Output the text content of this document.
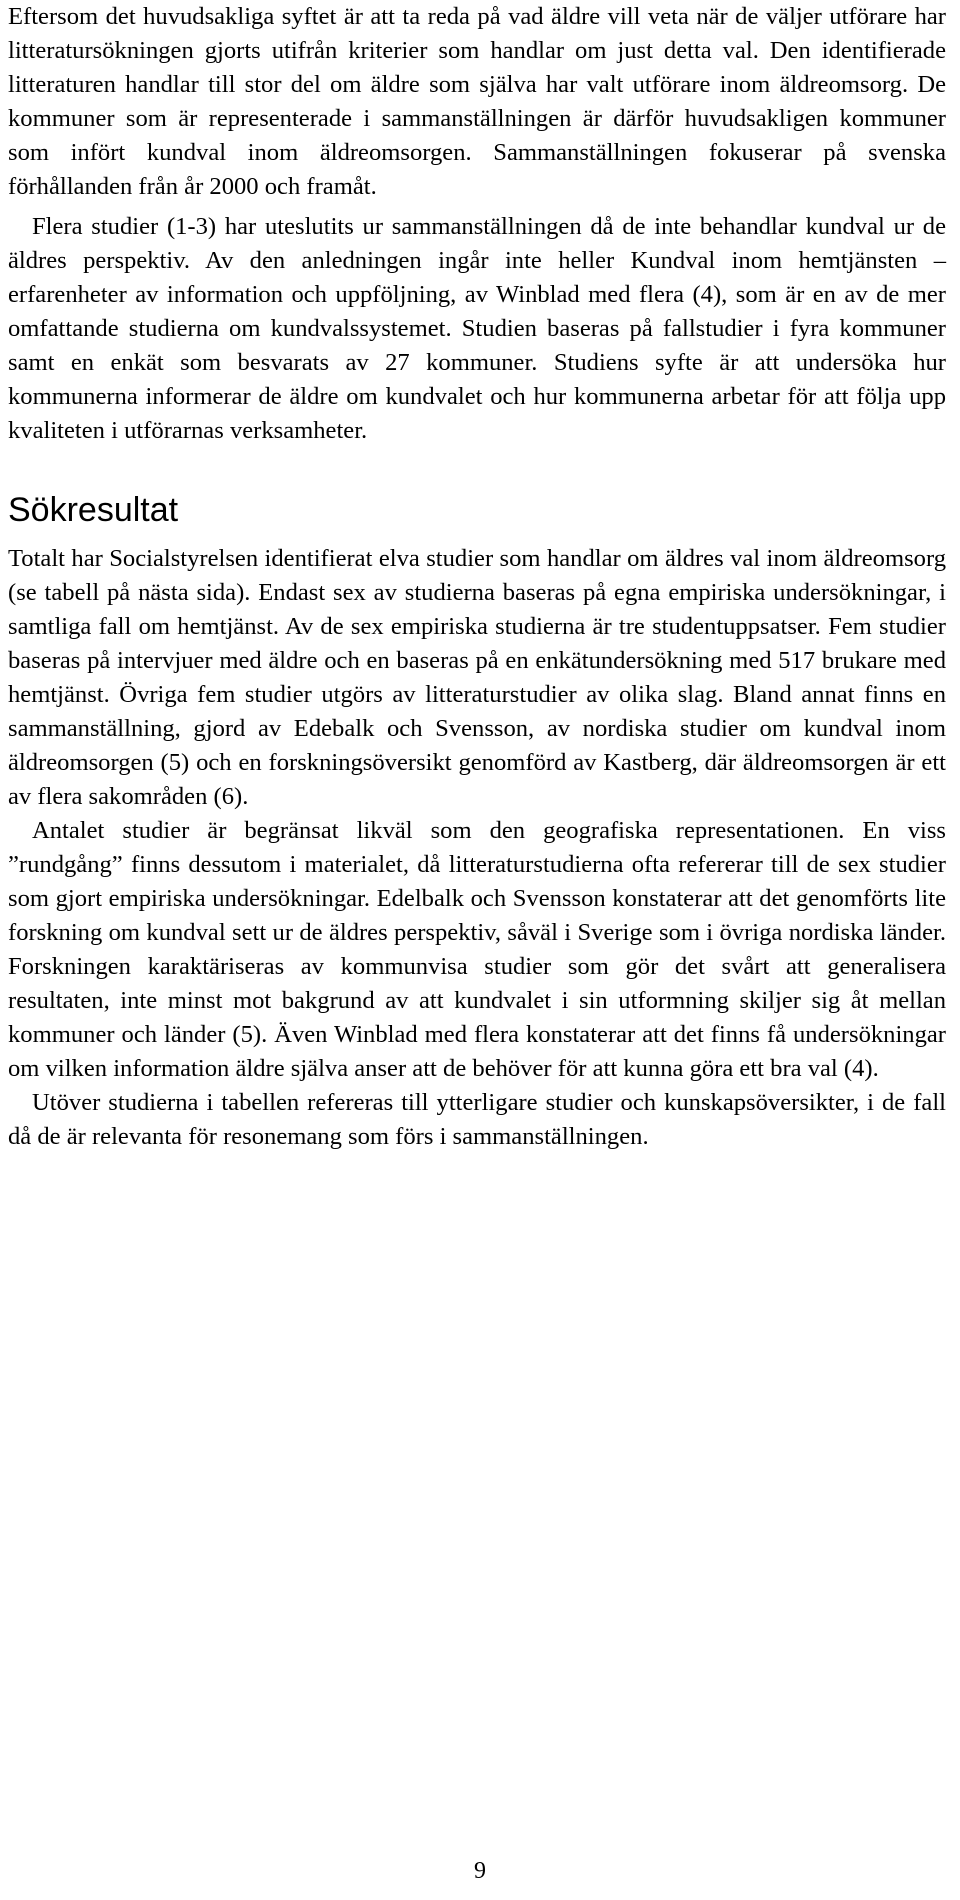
Eftersom det huvudsakliga syftet är att ta reda på vad äldre vill veta när de väljer utförare har litteratursökningen gjorts utifrån kriterier som handlar om just detta val. Den identifierade litteraturen handlar till stor del om äldre som själva har valt utförare inom äldreomsorg. De kommuner som är representerade i sammanställningen är därför huvudsakligen kommuner som infört kundval inom äldreomsorgen. Sammanställningen fokuserar på svenska förhållanden från år 2000 och framåt.

Flera studier (1-3) har uteslutits ur sammanställningen då de inte behandlar kundval ur de äldres perspektiv. Av den anledningen ingår inte heller Kundval inom hemtjänsten – erfarenheter av information och uppföljning, av Winblad med flera (4), som är en av de mer omfattande studierna om kundvalssystemet. Studien baseras på fallstudier i fyra kommuner samt en enkät som besvarats av 27 kommuner. Studiens syfte är att undersöka hur kommunerna informerar de äldre om kundvalet och hur kommunerna arbetar för att följa upp kvaliteten i utförarnas verksamheter.

Sökresultat

Totalt har Socialstyrelsen identifierat elva studier som handlar om äldres val inom äldreomsorg (se tabell på nästa sida). Endast sex av studierna baseras på egna empiriska undersökningar, i samtliga fall om hemtjänst. Av de sex empiriska studierna är tre studentuppsatser. Fem studier baseras på intervjuer med äldre och en baseras på en enkätundersökning med 517 brukare med hemtjänst. Övriga fem studier utgörs av litteraturstudier av olika slag. Bland annat finns en sammanställning, gjord av Edebalk och Svensson, av nordiska studier om kundval inom äldreomsorgen (5) och en forskningsöversikt genomförd av Kastberg, där äldreomsorgen är ett av flera sakområden (6).

Antalet studier är begränsat likväl som den geografiska representationen. En viss ”rundgång” finns dessutom i materialet, då litteraturstudierna ofta refererar till de sex studier som gjort empiriska undersökningar. Edelbalk och Svensson konstaterar att det genomförts lite forskning om kundval sett ur de äldres perspektiv, såväl i Sverige som i övriga nordiska länder. Forskningen karaktäriseras av kommunvisa studier som gör det svårt att generalisera resultaten, inte minst mot bakgrund av att kundvalet i sin utformning skiljer sig åt mellan kommuner och länder (5). Även Winblad med flera konstaterar att det finns få undersökningar om vilken information äldre själva anser att de behöver för att kunna göra ett bra val (4).

Utöver studierna i tabellen refereras till ytterligare studier och kunskapsöversikter, i de fall då de är relevanta för resonemang som förs i sammanställningen.

9
